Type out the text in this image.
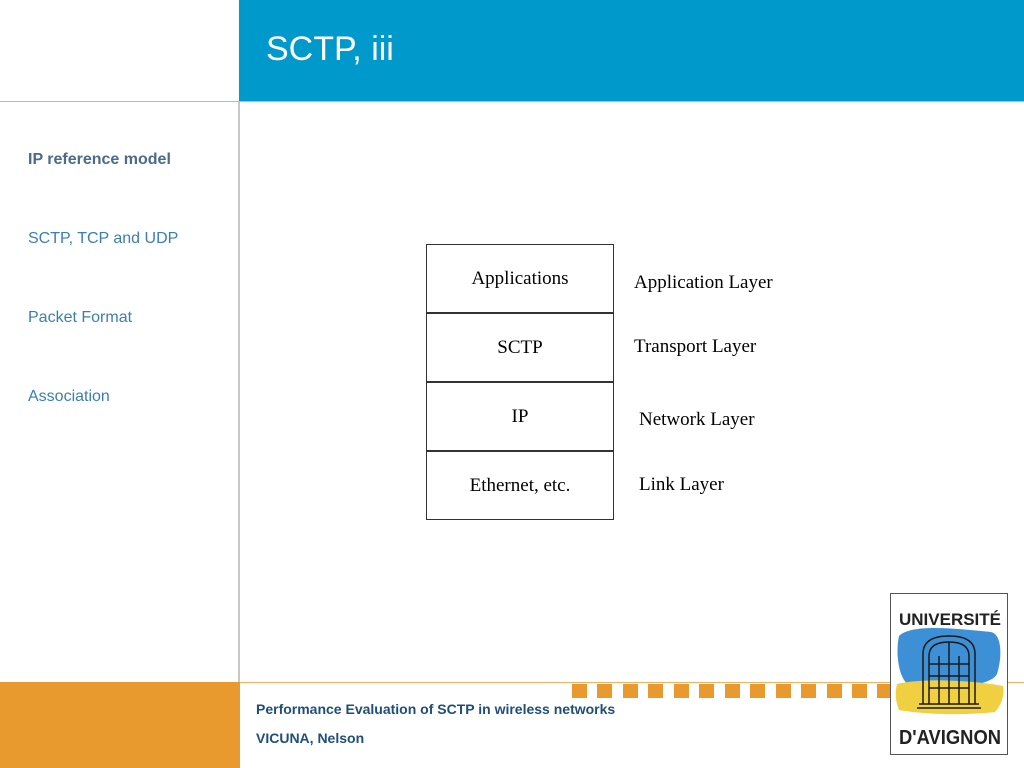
SCTP, iii
IP reference model
SCTP, TCP and UDP
Packet Format
Association
Applications
SCTP
IP
Ethernet, etc.
Application Layer
Transport Layer
Network Layer
Link Layer
Performance Evaluation of SCTP in wireless networks
VICUNA, Nelson
UNIVERSITÉ
D'AVIGNON
